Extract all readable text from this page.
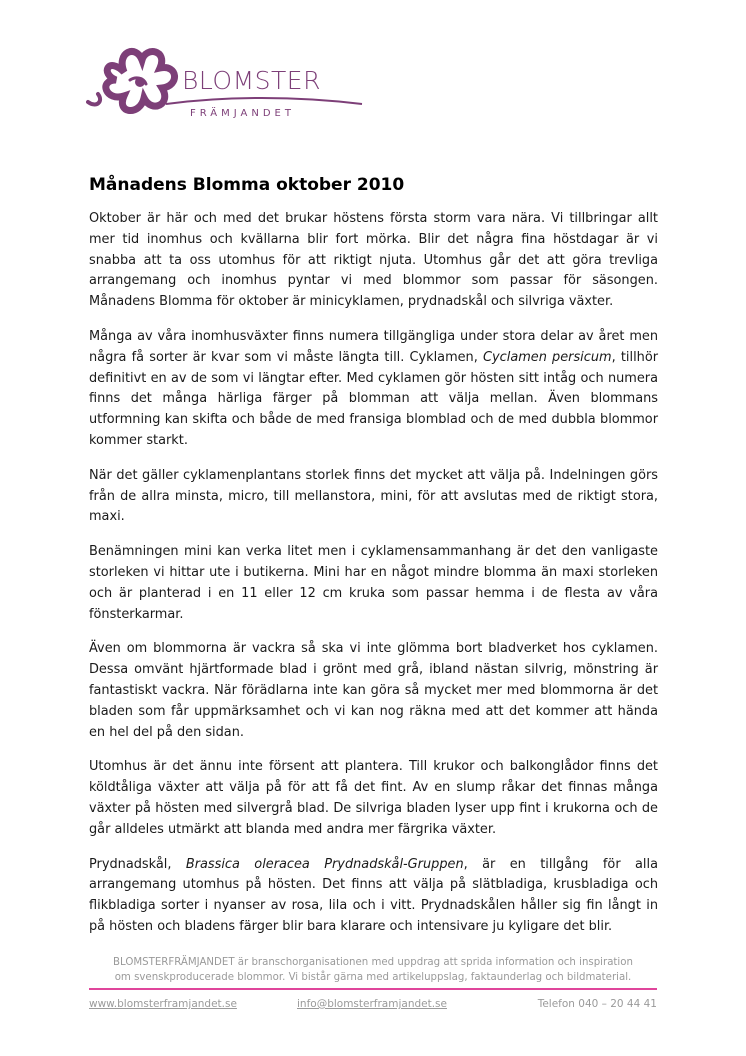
BLOMSTER
FRÄMJANDET
Månadens Blomma oktober 2010

Oktober är här och med det brukar höstens första storm vara nära. Vi tillbringar allt mer tid inomhus och kvällarna blir fort mörka. Blir det några fina höstdagar är vi snabba att ta oss utomhus för att riktigt njuta. Utomhus går det att göra trevliga arrangemang och inomhus pyntar vi med blommor som passar för säsongen. Månadens Blomma för oktober är minicyklamen, prydnadskål och silvriga växter.

Många av våra inomhusväxter finns numera tillgängliga under stora delar av året men några få sorter är kvar som vi måste längta till. Cyklamen, Cyclamen persicum, tillhör definitivt en av de som vi längtar efter. Med cyklamen gör hösten sitt intåg och numera finns det många härliga färger på blomman att välja mellan. Även blommans utformning kan skifta och både de med fransiga blomblad och de med dubbla blommor kommer starkt.

När det gäller cyklamenplantans storlek finns det mycket att välja på. Indelningen görs från de allra minsta, micro, till mellanstora, mini, för att avslutas med de riktigt stora, maxi.

Benämningen mini kan verka litet men i cyklamensammanhang är det den vanligaste storleken vi hittar ute i butikerna. Mini har en något mindre blomma än maxi storleken och är planterad i en 11 eller 12 cm kruka som passar hemma i de flesta av våra fönsterkarmar.

Även om blommorna är vackra så ska vi inte glömma bort bladverket hos cyklamen. Dessa omvänt hjärtformade blad i grönt med grå, ibland nästan silvrig, mönstring är fantastiskt vackra. När förädlarna inte kan göra så mycket mer med blommorna är det bladen som får uppmärksamhet och vi kan nog räkna med att det kommer att hända en hel del på den sidan.

Utomhus är det ännu inte försent att plantera. Till krukor och balkonglådor finns det köldtåliga växter att välja på för att få det fint. Av en slump råkar det finnas många växter på hösten med silvergrå blad. De silvriga bladen lyser upp fint i krukorna och de går alldeles utmärkt att blanda med andra mer färgrika växter.

Prydnadskål, Brassica oleracea Prydnadskål-Gruppen, är en tillgång för alla arrangemang utomhus på hösten. Det finns att välja på slätbladiga, krusbladiga och flikbladiga sorter i nyanser av rosa, lila och i vitt. Prydnadskålen håller sig fin långt in på hösten och bladens färger blir bara klarare och intensivare ju kyligare det blir.

BLOMSTERFRÄMJANDET är branschorganisationen med uppdrag att sprida information och inspiration
om svenskproducerade blommor. Vi bistår gärna med artikeluppslag, faktaunderlag och bildmaterial.
www.blomsterframjandet.se	info@blomsterframjandet.se	Telefon 040 – 20 44 41
